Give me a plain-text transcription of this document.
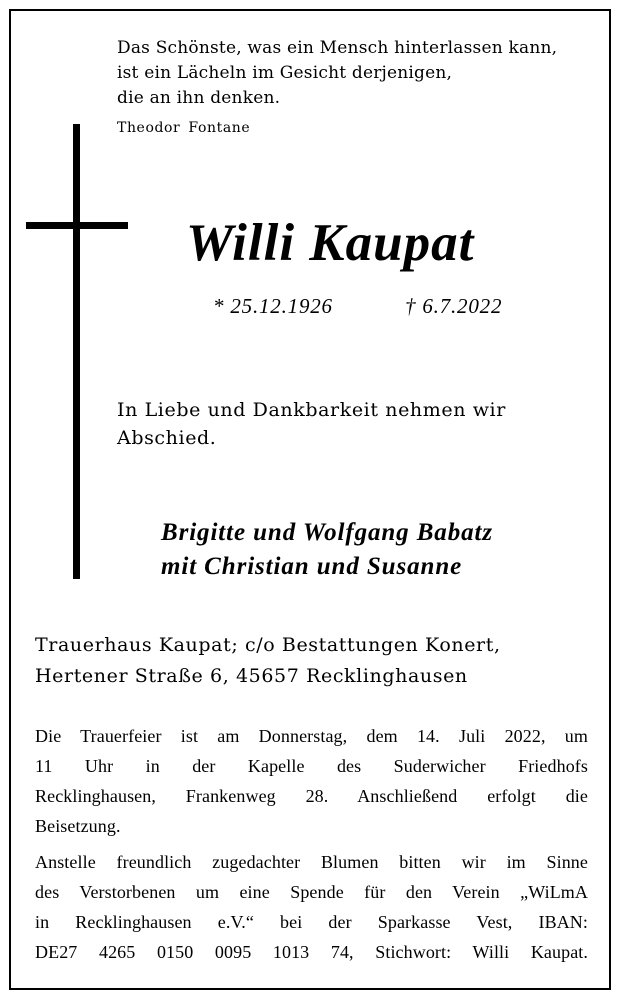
Das Schönste, was ein Mensch hinterlassen kann,
ist ein Lächeln im Gesicht derjenigen,
die an ihn denken.
Theodor Fontane
Willi Kaupat
* 25.12.1926	† 6.7.2022
In Liebe und Dankbarkeit nehmen wir
Abschied.
Brigitte und Wolfgang Babatz
mit Christian und Susanne
Trauerhaus Kaupat; c/o Bestattungen Konert,
Hertener Straße 6, 45657 Recklinghausen
Die Trauerfeier ist am Donnerstag, dem 14. Juli 2022, um
11 Uhr in der Kapelle des Suderwicher Friedhofs
Recklinghausen, Frankenweg 28. Anschließend erfolgt die
Beisetzung.
Anstelle freundlich zugedachter Blumen bitten wir im Sinne
des Verstorbenen um eine Spende für den Verein „WiLmA
in Recklinghausen e.V.“ bei der Sparkasse Vest, IBAN:
DE27 4265 0150 0095 1013 74, Stichwort: Willi Kaupat.
